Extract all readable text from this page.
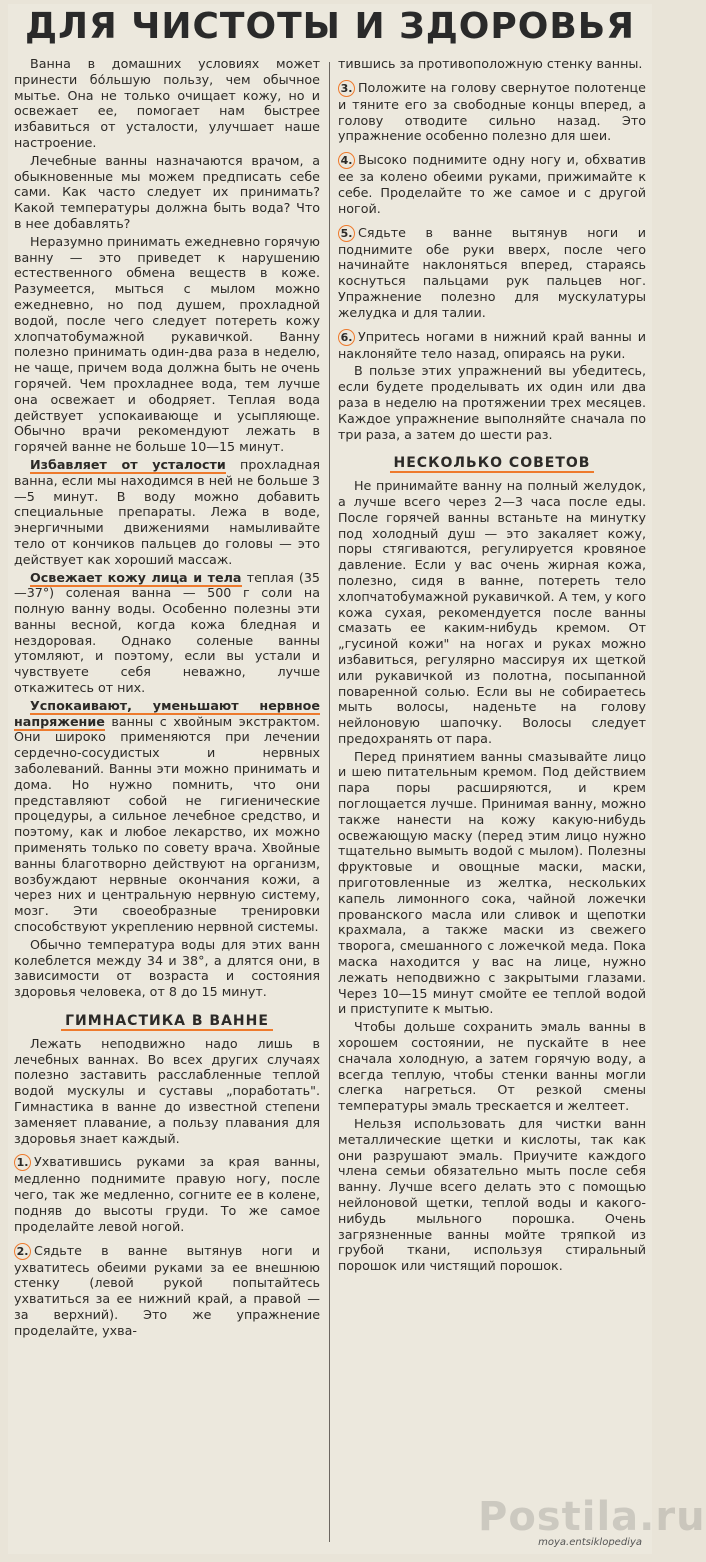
ДЛЯ ЧИСТОТЫ И ЗДОРОВЬЯ

Ванна в домашних условиях может принести бо́льшую пользу, чем обычное мытье. Она не только очищает кожу, но и освежает ее, помогает нам быстрее избавиться от усталости, улучшает наше настроение.

Лечебные ванны назначаются врачом, а обыкновенные мы можем предписать себе сами. Как часто следует их принимать? Какой температуры должна быть вода? Что в нее добавлять?

Неразумно принимать ежедневно горячую ванну — это приведет к нарушению естественного обмена веществ в коже. Разумеется, мыться с мылом можно ежедневно, но под душем, прохладной водой, после чего следует потереть кожу хлопчатобумажной рукавичкой. Ванну полезно принимать один-два раза в неделю, не чаще, причем вода должна быть не очень горячей. Чем прохладнее вода, тем лучше она освежает и ободряет. Теплая вода действует успокаивающе и усыпляюще. Обычно врачи рекомендуют лежать в горячей ванне не больше 10—15 минут.

Избавляет от усталости прохладная ванна, если мы находимся в ней не больше 3—5 минут. В воду можно добавить специальные препараты. Лежа в воде, энергичными движениями намыливайте тело от кончиков пальцев до головы — это действует как хороший массаж.

Освежает кожу лица и тела теплая (35—37°) соленая ванна — 500 г соли на полную ванну воды. Особенно полезны эти ванны весной, когда кожа бледная и нездоровая. Однако соленые ванны утомляют, и поэтому, если вы устали и чувствуете себя неважно, лучше откажитесь от них.

Успокаивают, уменьшают нервное напряжение ванны с хвойным экстрактом. Они широко применяются при лечении сердечно-сосудистых и нервных заболеваний. Ванны эти можно принимать и дома. Но нужно помнить, что они представляют собой не гигиенические процедуры, а сильное лечебное средство, и поэтому, как и любое лекарство, их можно применять только по совету врача. Хвойные ванны благотворно действуют на организм, возбуждают нервные окончания кожи, а через них и центральную нервную систему, мозг. Эти своеобразные тренировки способствуют укреплению нервной системы.

Обычно температура воды для этих ванн колеблется между 34 и 38°, а длятся они, в зависимости от возраста и состояния здоровья человека, от 8 до 15 минут.

ГИМНАСТИКА В ВАННЕ

Лежать неподвижно надо лишь в лечебных ваннах. Во всех других случаях полезно заставить расслабленные теплой водой мускулы и суставы „поработать". Гимнастика в ванне до известной степени заменяет плавание, а пользу плавания для здоровья знает каждый.

1. Ухватившись руками за края ванны, медленно поднимите правую ногу, после чего, так же медленно, согните ее в колене, подняв до высоты груди. То же самое проделайте левой ногой.

2. Сядьте в ванне вытянув ноги и ухватитесь обеими руками за ее внешнюю стенку (левой рукой попытайтесь ухватиться за ее нижний край, а правой — за верхний). Это же упражнение проделайте, ухва-

тившись за противоположную стенку ванны.

3. Положите на голову свернутое полотенце и тяните его за свободные концы вперед, а голову отводите сильно назад. Это упражнение особенно полезно для шеи.

4. Высоко поднимите одну ногу и, обхватив ее за колено обеими руками, прижимайте к себе. Проделайте то же самое и с другой ногой.

5. Сядьте в ванне вытянув ноги и поднимите обе руки вверх, после чего начинайте наклоняться вперед, стараясь коснуться пальцами рук пальцев ног. Упражнение полезно для мускулатуры желудка и для талии.

6. Упритесь ногами в нижний край ванны и наклоняйте тело назад, опираясь на руки.

В пользе этих упражнений вы убедитесь, если будете проделывать их один или два раза в неделю на протяжении трех месяцев. Каждое упражнение выполняйте сначала по три раза, а затем до шести раз.

НЕСКОЛЬКО СОВЕТОВ

Не принимайте ванну на полный желудок, а лучше всего через 2—3 часа после еды. После горячей ванны встаньте на минутку под холодный душ — это закаляет кожу, поры стягиваются, регулируется кровяное давление. Если у вас очень жирная кожа, полезно, сидя в ванне, потереть тело хлопчатобумажной рукавичкой. А тем, у кого кожа сухая, рекомендуется после ванны смазать ее каким-нибудь кремом. От „гусиной кожи" на ногах и руках можно избавиться, регулярно массируя их щеткой или рукавичкой из полотна, посыпанной поваренной солью. Если вы не собираетесь мыть волосы, наденьте на голову нейлоновую шапочку. Волосы следует предохранять от пара.

Перед принятием ванны смазывайте лицо и шею питательным кремом. Под действием пара поры расширяются, и крем поглощается лучше. Принимая ванну, можно также нанести на кожу какую-нибудь освежающую маску (перед этим лицо нужно тщательно вымыть водой с мылом). Полезны фруктовые и овощные маски, маски, приготовленные из желтка, нескольких капель лимонного сока, чайной ложечки прованского масла или сливок и щепотки крахмала, а также маски из свежего творога, смешанного с ложечкой меда. Пока маска находится у вас на лице, нужно лежать неподвижно с закрытыми глазами. Через 10—15 минут смойте ее теплой водой и приступите к мытью.

Чтобы дольше сохранить эмаль ванны в хорошем состоянии, не пускайте в нее сначала холодную, а затем горячую воду, а всегда теплую, чтобы стенки ванны могли слегка нагреться. От резкой смены температуры эмаль трескается и желтеет.

Нельзя использовать для чистки ванн металлические щетки и кислоты, так как они разрушают эмаль. Приучите каждого члена семьи обязательно мыть после себя ванну. Лучше всего делать это с помощью нейлоновой щетки, теплой воды и какого-нибудь мыльного порошка. Очень загрязненные ванны мойте тряпкой из грубой ткани, используя стиральный порошок или чистящий порошок.

Postila.ru
moya.entsiklopediya
